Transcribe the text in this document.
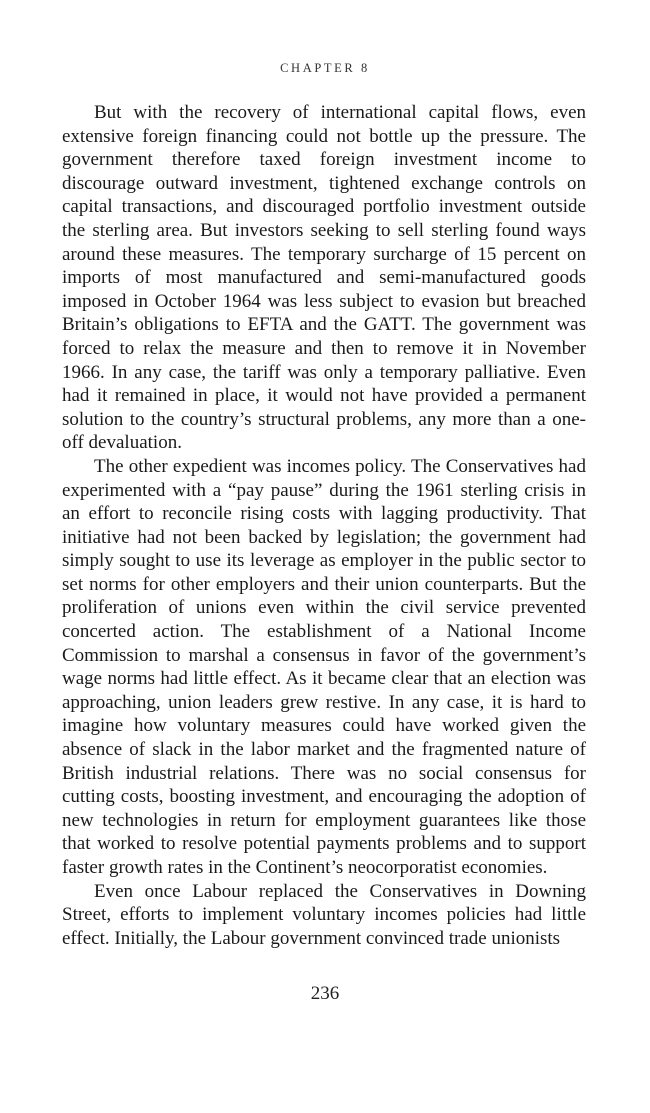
CHAPTER 8

But with the recovery of international capital flows, even extensive foreign financing could not bottle up the pressure. The government therefore taxed foreign investment income to discourage outward investment, tightened exchange controls on capital transactions, and discouraged portfolio investment outside the sterling area. But investors seeking to sell sterling found ways around these measures. The temporary surcharge of 15 percent on imports of most manufactured and semi-manufactured goods imposed in October 1964 was less subject to evasion but breached Britain’s obligations to EFTA and the GATT. The government was forced to relax the measure and then to remove it in November 1966. In any case, the tariff was only a temporary palliative. Even had it remained in place, it would not have provided a permanent solution to the country’s structural problems, any more than a one-off devaluation.

The other expedient was incomes policy. The Conservatives had experimented with a “pay pause” during the 1961 sterling crisis in an effort to reconcile rising costs with lagging productivity. That initiative had not been backed by legislation; the government had simply sought to use its leverage as employer in the public sector to set norms for other employers and their union counterparts. But the proliferation of unions even within the civil service prevented concerted action. The establishment of a National Income Commission to marshal a consensus in favor of the government’s wage norms had little effect. As it became clear that an election was approaching, union leaders grew restive. In any case, it is hard to imagine how voluntary measures could have worked given the absence of slack in the labor market and the fragmented nature of British industrial relations. There was no social consensus for cutting costs, boosting investment, and encouraging the adoption of new technologies in return for employment guarantees like those that worked to resolve potential payments problems and to support faster growth rates in the Continent’s neocorporatist economies.

Even once Labour replaced the Conservatives in Downing Street, efforts to implement voluntary incomes policies had little effect. Initially, the Labour government convinced trade unionists

236
